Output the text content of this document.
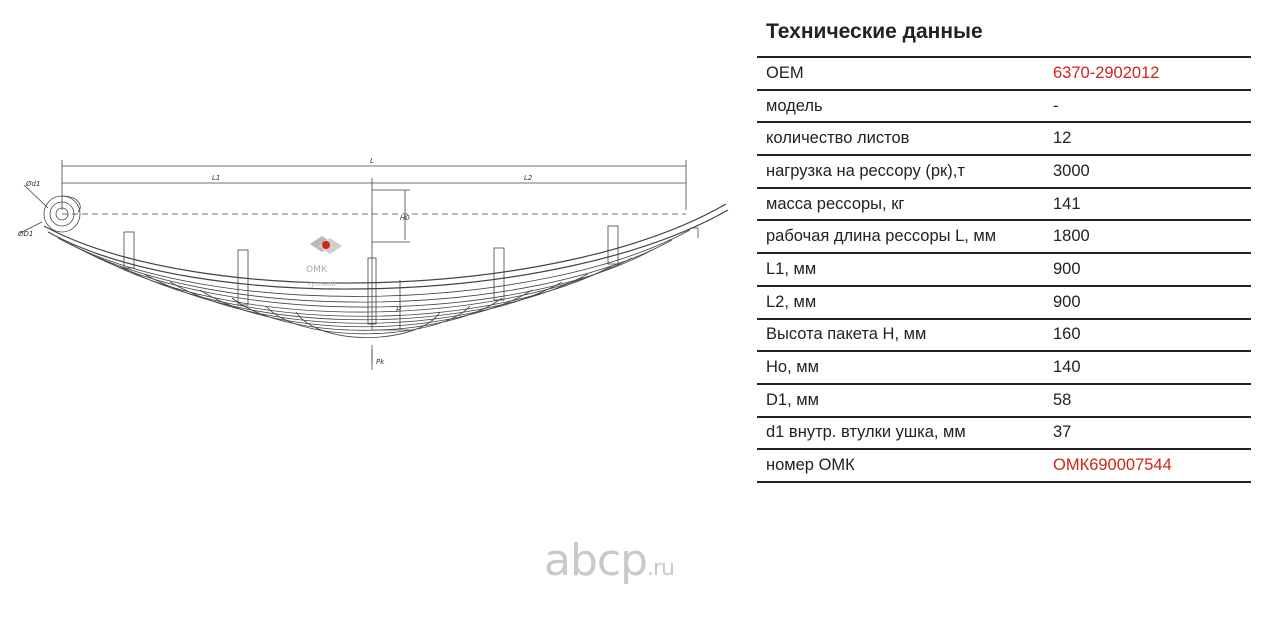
L
L1	L2
Ød1
ØD1
H0
H
Pk
ОМК
Чусовой
Технические данные
OEM	6370-2902012
модель	-
количество листов	12
нагрузка на рессору (рк),т	3000
масса рессоры, кг	141
рабочая длина рессоры L, мм	1800
L1, мм	900
L2, мм	900
Высота пакета H, мм	160
Ho, мм	140
D1, мм	58
d1 внутр. втулки ушка, мм	37
номер ОМК	ОМК690007544
abcp.ru
